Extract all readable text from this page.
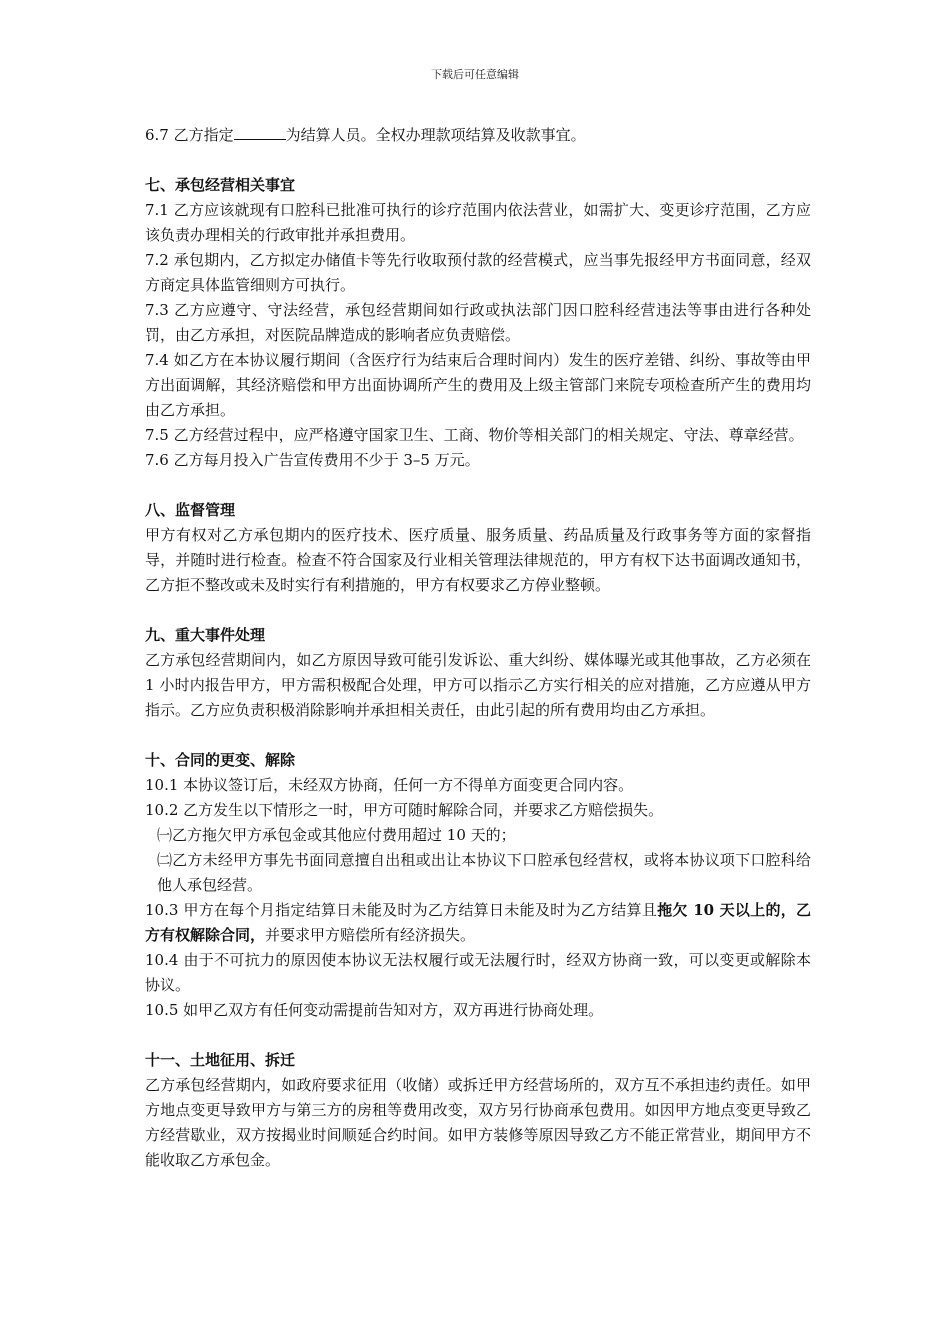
下载后可任意编辑

6.7 乙方指定	为结算人员。全权办理款项结算及收款事宜。

七、承包经营相关事宜

7.1 乙方应该就现有口腔科已批准可执行的诊疗范围内依法营业，如需扩大、变更诊疗范围，乙方应该负责办理相关的行政审批并承担费用。

7.2 承包期内，乙方拟定办储值卡等先行收取预付款的经营模式，应当事先报经甲方书面同意，经双方商定具体监管细则方可执行。

7.3 乙方应遵守、守法经营，承包经营期间如行政或执法部门因口腔科经营违法等事由进行各种处罚，由乙方承担，对医院品牌造成的影响者应负责赔偿。

7.4 如乙方在本协议履行期间（含医疗行为结束后合理时间内）发生的医疗差错、纠纷、事故等由甲方出面调解，其经济赔偿和甲方出面协调所产生的费用及上级主管部门来院专项检查所产生的费用均由乙方承担。

7.5 乙方经营过程中，应严格遵守国家卫生、工商、物价等相关部门的相关规定、守法、尊章经营。

7.6 乙方每月投入广告宣传费用不少于 3–5 万元。

八、监督管理

甲方有权对乙方承包期内的医疗技术、医疗质量、服务质量、药品质量及行政事务等方面的家督指导，并随时进行检查。检查不符合国家及行业相关管理法律规范的，甲方有权下达书面调改通知书，乙方拒不整改或未及时实行有利措施的，甲方有权要求乙方停业整顿。

九、重大事件处理

乙方承包经营期间内，如乙方原因导致可能引发诉讼、重大纠纷、媒体曝光或其他事故，乙方必须在 1 小时内报告甲方，甲方需积极配合处理，甲方可以指示乙方实行相关的应对措施，乙方应遵从甲方指示。乙方应负责积极消除影响并承担相关责任，由此引起的所有费用均由乙方承担。

十、合同的更变、解除

10.1 本协议签订后，未经双方协商，任何一方不得单方面变更合同内容。

10.2 乙方发生以下情形之一时，甲方可随时解除合同，并要求乙方赔偿损失。

㈠乙方拖欠甲方承包金或其他应付费用超过 10 天的；

㈡乙方未经甲方事先书面同意擅自出租或出让本协议下口腔承包经营权，或将本协议项下口腔科给他人承包经营。

10.3 甲方在每个月指定结算日未能及时为乙方结算日未能及时为乙方结算且拖欠 10 天以上的，乙方有权解除合同，并要求甲方赔偿所有经济损失。

10.4 由于不可抗力的原因使本协议无法权履行或无法履行时，经双方协商一致，可以变更或解除本协议。

10.5 如甲乙双方有任何变动需提前告知对方，双方再进行协商处理。

十一、土地征用、拆迁

乙方承包经营期内，如政府要求征用（收储）或拆迁甲方经营场所的，双方互不承担违约责任。如甲方地点变更导致甲方与第三方的房租等费用改变，双方另行协商承包费用。如因甲方地点变更导致乙方经营歇业，双方按揭业时间顺延合约时间。如甲方装修等原因导致乙方不能正常营业，期间甲方不能收取乙方承包金。
